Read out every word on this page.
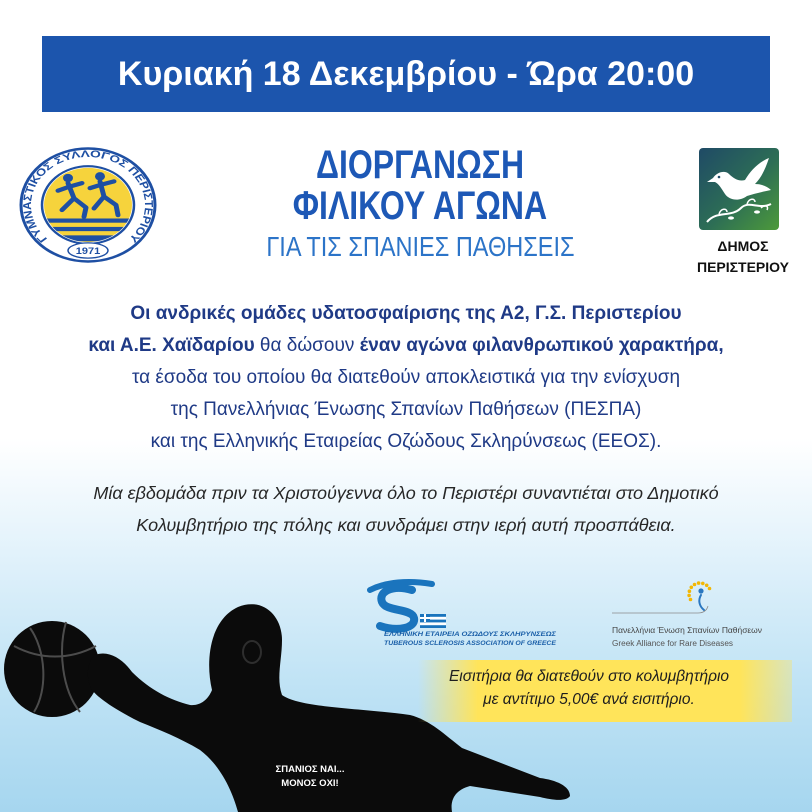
Κυριακή 18 Δεκεμβρίου - Ώρα 20:00
ΓΥΜΝΑΣΤΙΚΟΣ ΣΥΛΛΟΓΟΣ ΠΕΡΙΣΤΕΡΙΟΥ
1971
ΔΙΟΡΓΑΝΩΣΗ
ΦΙΛΙΚΟΥ ΑΓΩΝΑ
ΓΙΑ ΤΙΣ ΣΠΑΝΙΕΣ ΠΑΘΗΣΕΙΣ	ΔΗΜΟΣ
ΠΕΡΙΣΤΕΡΙΟΥ
Οι ανδρικές ομάδες υδατοσφαίρισης της Α2, Γ.Σ. Περιστερίου
και Α.Ε. Χαϊδαρίου θα δώσουν έναν αγώνα φιλανθρωπικού χαρακτήρα,
τα έσοδα του οποίου θα διατεθούν αποκλειστικά για την ενίσχυση
της Πανελλήνιας Ένωσης Σπανίων Παθήσεων (ΠΕΣΠΑ)
και της Ελληνικής Εταιρείας Οζώδους Σκληρύνσεως (ΕΕΟΣ).
Μία εβδομάδα πριν τα Χριστούγεννα όλο το Περιστέρι συναντιέται στο Δημοτικό
Κολυμβητήριο της πόλης και συνδράμει στην ιερή αυτή προσπάθεια.
ΣΠΑΝΙΟΣ ΝΑΙ...
ΜΟΝΟΣ ΟΧΙ!
ΕΛΛΗΝΙΚΗ ΕΤΑΙΡΕΙΑ ΟΖΩΔΟΥΣ ΣΚΛΗΡΥΝΣΕΩΣ
TUBEROUS SCLEROSIS ASSOCIATION OF GREECE
Πανελλήνια Ένωση Σπανίων Παθήσεων
Greek Alliance for Rare Diseases
Εισιτήρια θα διατεθούν στο κολυμβητήριο
με αντίτιμο 5,00€ ανά εισιτήριο.
